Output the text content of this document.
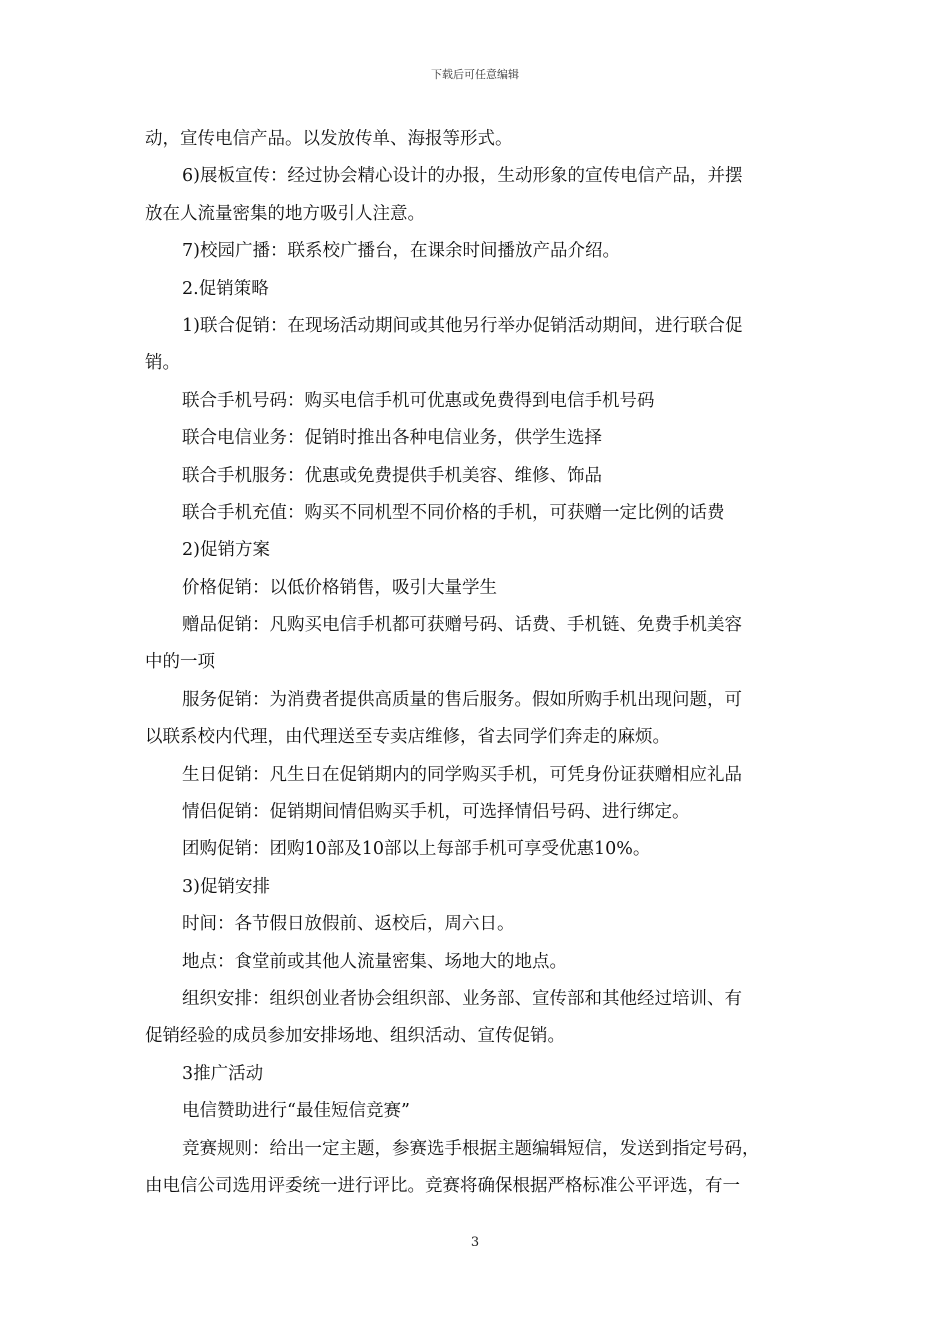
下载后可任意编辑
动，宣传电信产品。以发放传单、海报等形式。
6)展板宣传：经过协会精心设计的办报，生动形象的宣传电信产品，并摆
放在人流量密集的地方吸引人注意。
7)校园广播：联系校广播台，在课余时间播放产品介绍。
2.促销策略
1)联合促销：在现场活动期间或其他另行举办促销活动期间，进行联合促
销。
联合手机号码：购买电信手机可优惠或免费得到电信手机号码
联合电信业务：促销时推出各种电信业务，供学生选择
联合手机服务：优惠或免费提供手机美容、维修、饰品
联合手机充值：购买不同机型不同价格的手机，可获赠一定比例的话费
2)促销方案
价格促销：以低价格销售，吸引大量学生
赠品促销：凡购买电信手机都可获赠号码、话费、手机链、免费手机美容
中的一项
服务促销：为消费者提供高质量的售后服务。假如所购手机出现问题，可
以联系校内代理，由代理送至专卖店维修，省去同学们奔走的麻烦。
生日促销：凡生日在促销期内的同学购买手机，可凭身份证获赠相应礼品
情侣促销：促销期间情侣购买手机，可选择情侣号码、进行绑定。
团购促销：团购10部及10部以上每部手机可享受优惠10%。
3)促销安排
时间：各节假日放假前、返校后，周六日。
地点：食堂前或其他人流量密集、场地大的地点。
组织安排：组织创业者协会组织部、业务部、宣传部和其他经过培训、有
促销经验的成员参加安排场地、组织活动、宣传促销。
3推广活动
电信赞助进行“最佳短信竞赛”
竞赛规则：给出一定主题，参赛选手根据主题编辑短信，发送到指定号码，
由电信公司选用评委统一进行评比。竞赛将确保根据严格标准公平评选，有一
3
